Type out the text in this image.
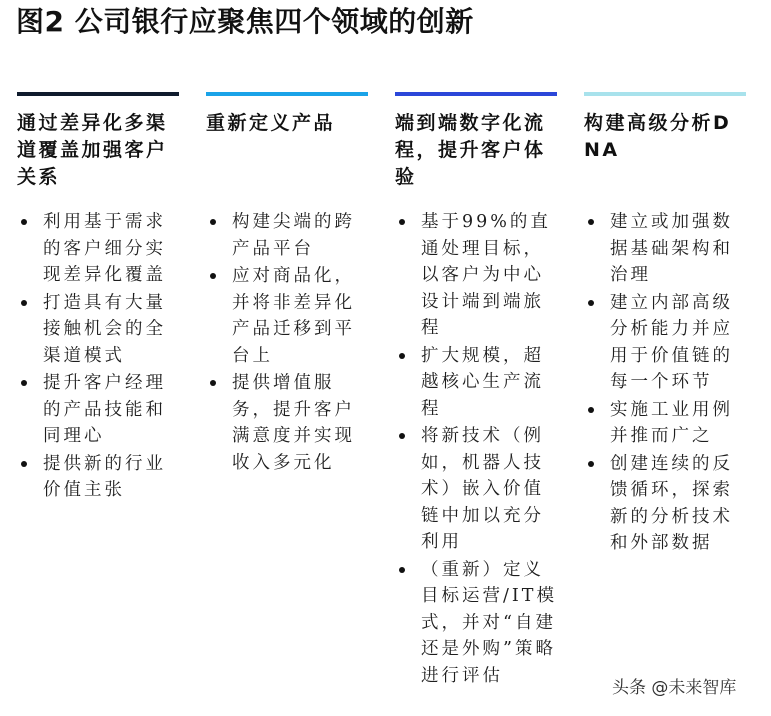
图2 公司银行应聚焦四个领域的创新
通过差异化多渠道覆盖加强客户关系
利用基于需求的客户细分实现差异化覆盖
打造具有大量接触机会的全渠道模式
提升客户经理的产品技能和同理心
提供新的行业价值主张
重新定义产品
构建尖端的跨产品平台
应对商品化，并将非差异化产品迁移到平台上
提供增值服务，提升客户满意度并实现收入多元化
端到端数字化流程，提升客户体验
基于99%的直通处理目标，以客户为中心设计端到端旅程
扩大规模，超越核心生产流程
将新技术（例如，机器人技术）嵌入价值链中加以充分利用
（重新）定义目标运营/IT模式，并对“自建还是外购”策略进行评估
构建高级分析DNA
建立或加强数据基础架构和治理
建立内部高级分析能力并应用于价值链的每一个环节
实施工业用例并推而广之
创建连续的反馈循环，探索新的分析技术和外部数据
头条 @未来智库
